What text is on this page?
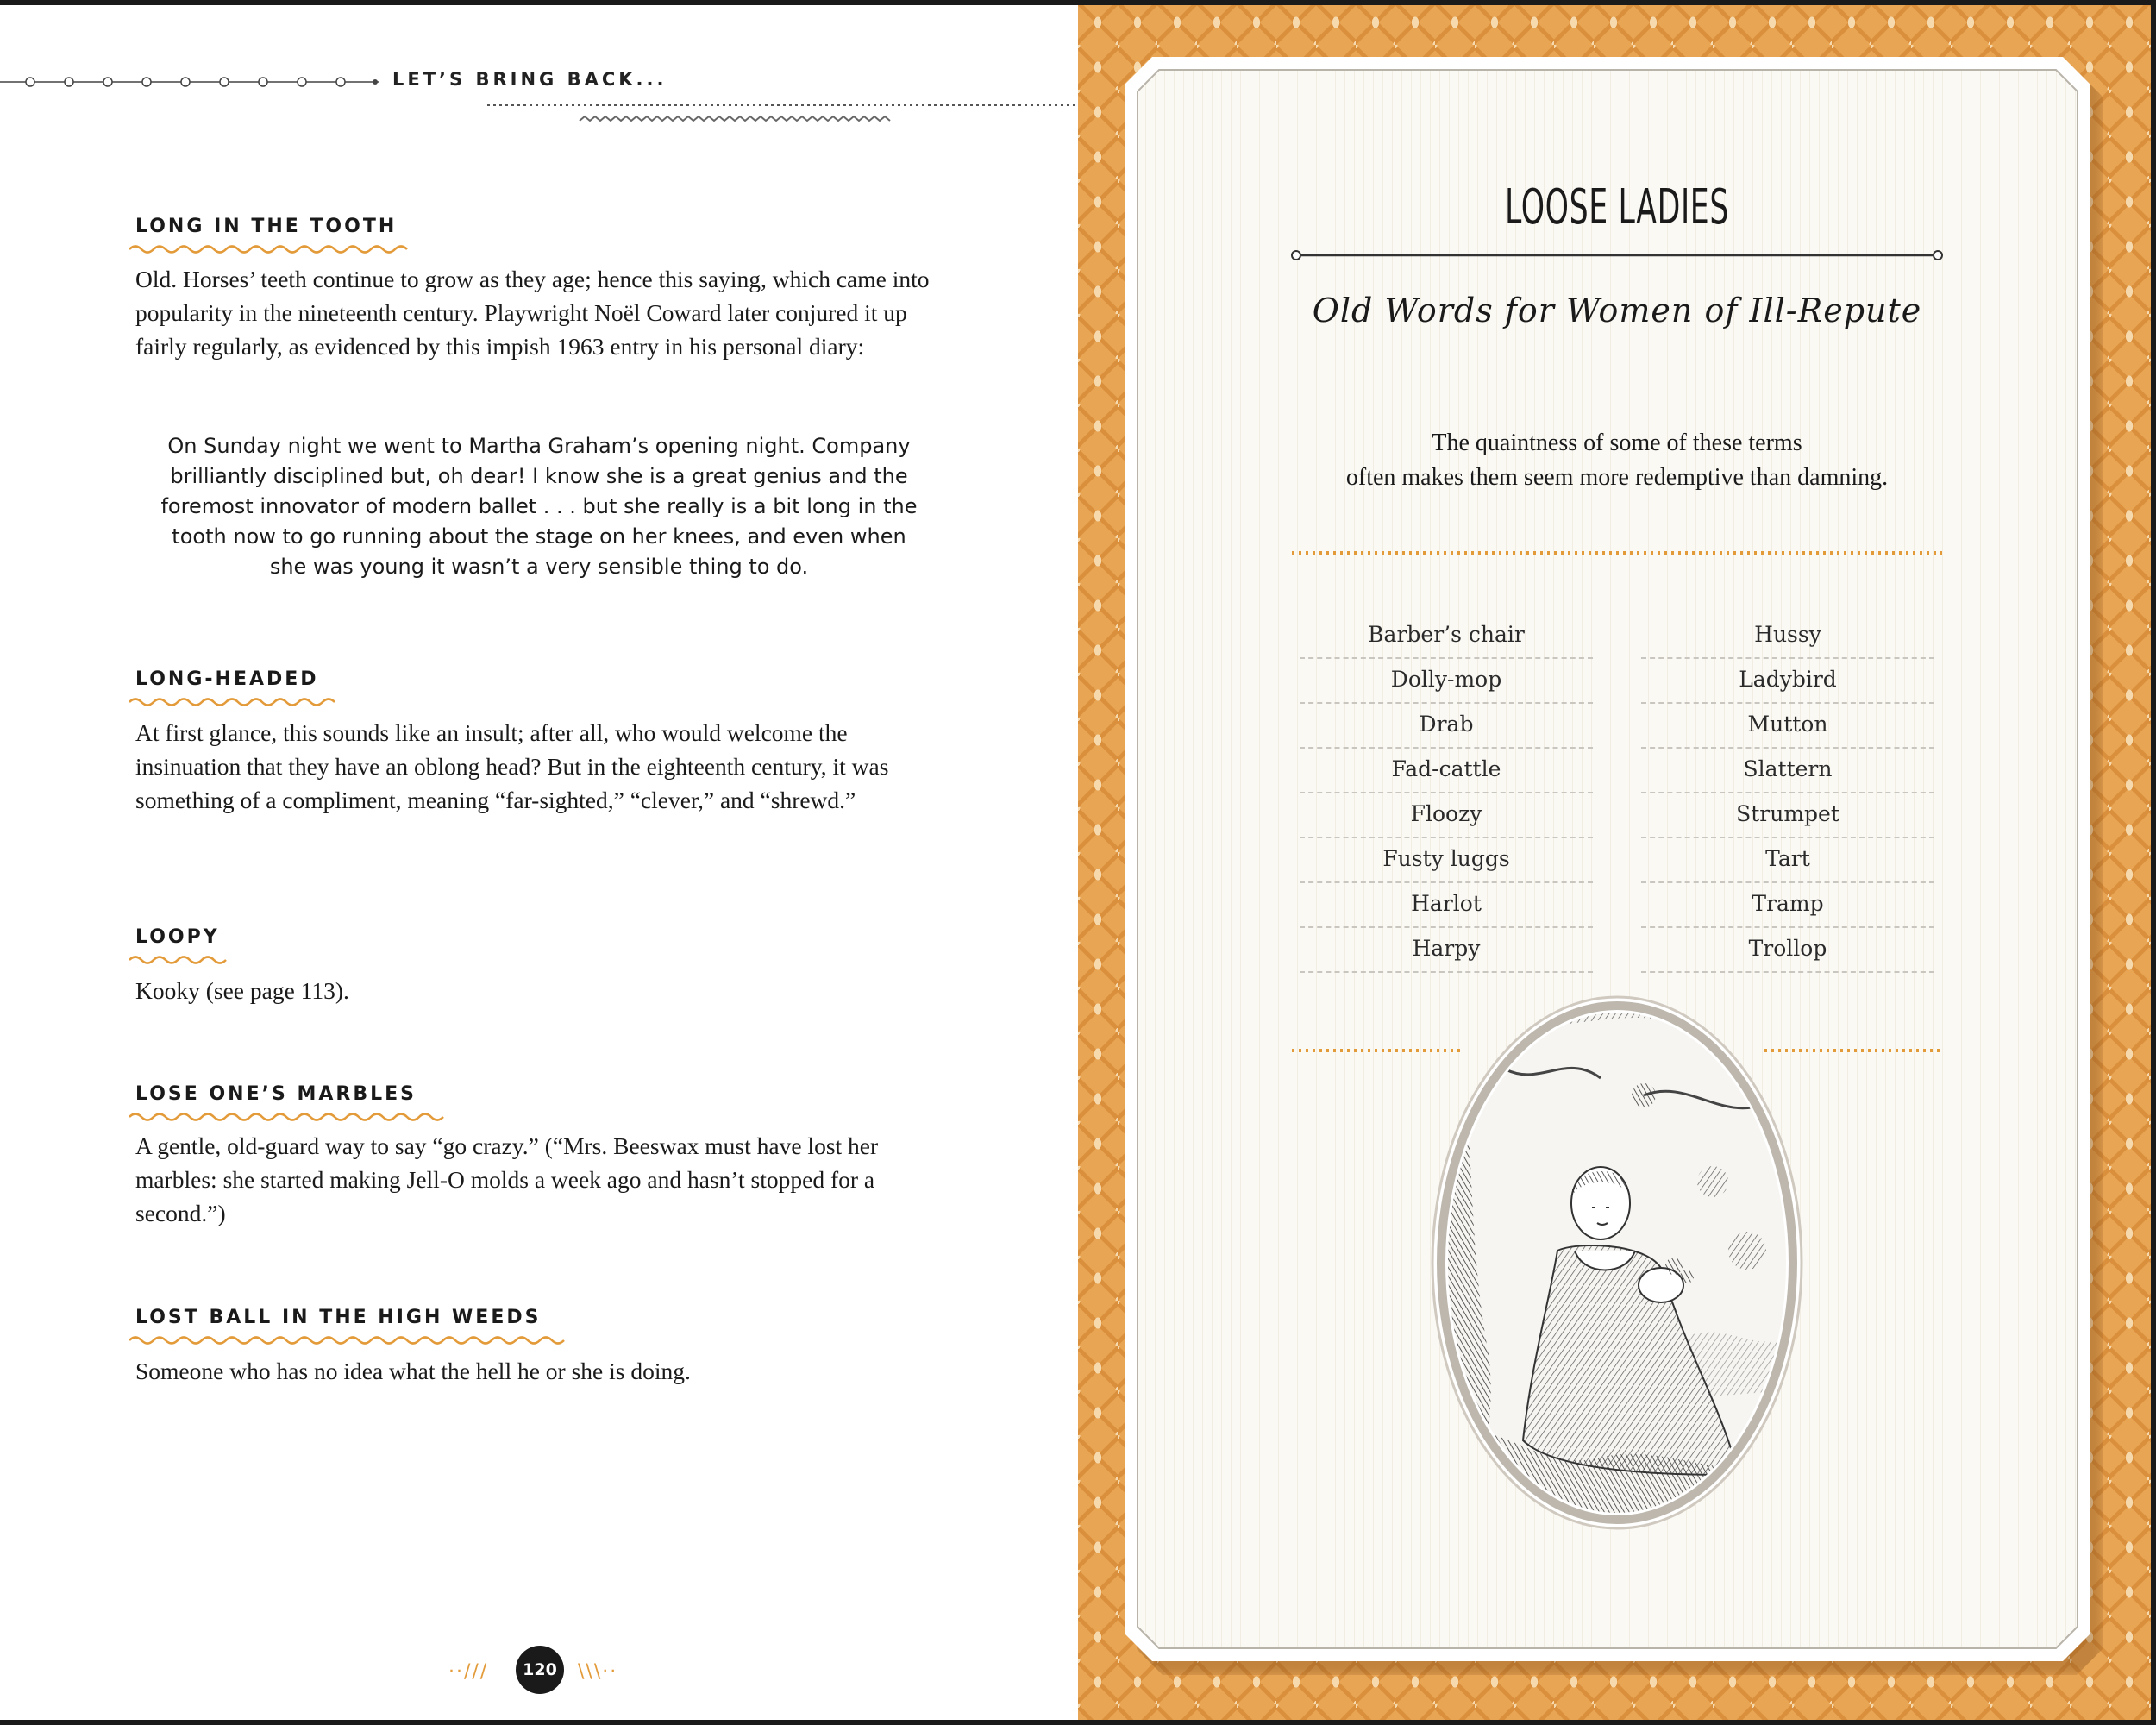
LET’S BRING BACK...
LONG IN THE TOOTH

Old. Horses’ teeth continue to grow as they age; hence this saying, which came into popularity in the nineteenth century. Playwright Noël Coward later conjured it up fairly regularly, as evidenced by this impish 1963 entry in his personal diary:

On Sunday night we went to Martha Graham’s opening night. Company brilliantly disciplined but, oh dear! I know she is a great genius and the foremost innovator of modern ballet . . . but she really is a bit long in the tooth now to go running about the stage on her knees, and even when she was young it wasn’t a very sensible thing to do.

LONG-HEADED

At first glance, this sounds like an insult; after all, who would welcome the insinuation that they have an oblong head? But in the eighteenth century, it was something of a compliment, meaning “far-sighted,” “clever,” and “shrewd.”

LOOPY

Kooky (see page 113).

LOSE ONE’S MARBLES

A gentle, old-guard way to say “go crazy.” (“Mrs. Beeswax must have lost her marbles: she started making Jell-O molds a week ago and hasn’t stopped for a second.”)

LOST BALL IN THE HIGH WEEDS

Someone who has no idea what the hell he or she is doing.

··///	120	\\\··
LOOSE LADIES
Old Words for Women of Ill-Repute
The quaintness of some of these terms
often makes them seem more redemptive than damning.
Barber’s chair
Dolly-mop
Drab
Fad-cattle
Floozy
Fusty luggs
Harlot
Harpy
Hussy
Ladybird
Mutton
Slattern
Strumpet
Tart
Tramp
Trollop
